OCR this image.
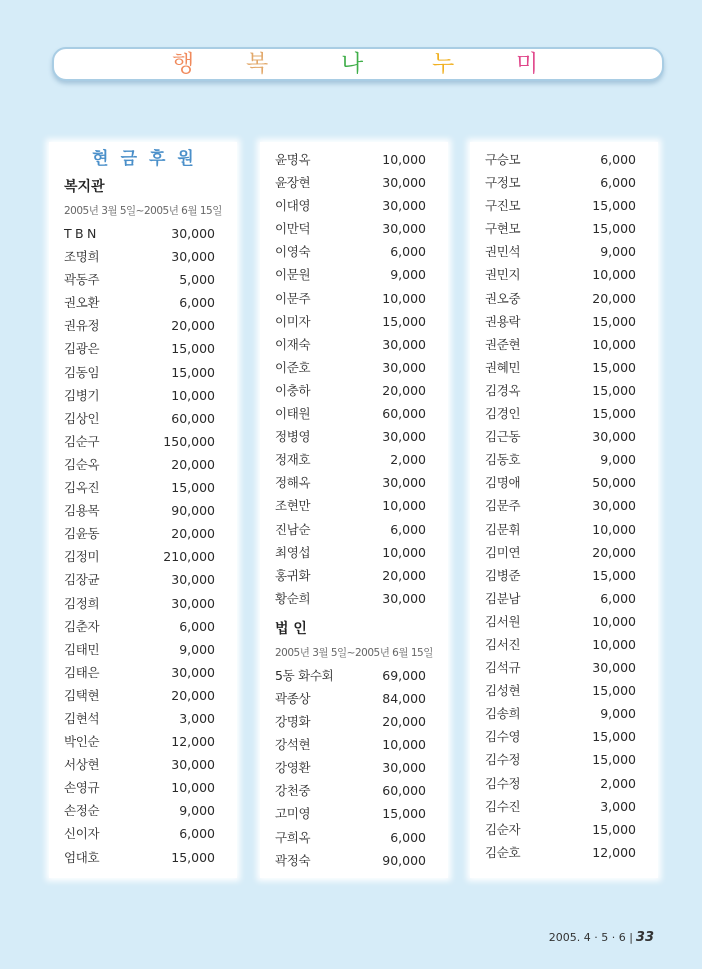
행 복	나	누	미
현금후원
복지관
2005년 3월 5일~2005년 6월 15일
T B N	30,000
조명희	30,000
곽동주	5,000
권오환	6,000
권유정	20,000
김광은	15,000
김동임	15,000
김병기	10,000
김상인	60,000
김순구	150,000
김순옥	20,000
김옥진	15,000
김용목	90,000
김윤동	20,000
김정미	210,000
김장균	30,000
김정희	30,000
김춘자	6,000
김태민	9,000
김태은	30,000
김택현	20,000
김현석	3,000
박인순	12,000
서상현	30,000
손영규	10,000
손정순	9,000
신이자	6,000
엄대호	15,000
윤명옥	10,000
윤장현	30,000
이대영	30,000
이만덕	30,000
이영숙	6,000
이문원	9,000
이문주	10,000
이미자	15,000
이재숙	30,000
이준호	30,000
이충하	20,000
이태원	60,000
정병영	30,000
정재호	2,000
정해옥	30,000
조현만	10,000
진남순	6,000
최영섭	10,000
홍귀화	20,000
황순희	30,000
법 인
2005년 3월 5일~2005년 6월 15일
5동 화수회	69,000
곽종상	84,000
강명화	20,000
강석현	10,000
강영환	30,000
강천중	60,000
고미영	15,000
구희옥	6,000
곽정숙	90,000
구승모	6,000
구정모	6,000
구진모	15,000
구현모	15,000
권민석	9,000
권민지	10,000
권오중	20,000
권용락	15,000
권준현	10,000
권혜민	15,000
김경옥	15,000
김경인	15,000
김근동	30,000
김동호	9,000
김명애	50,000
김문주	30,000
김문휘	10,000
김미연	20,000
김병준	15,000
김분남	6,000
김서원	10,000
김서진	10,000
김석규	30,000
김성현	15,000
김송희	9,000
김수영	15,000
김수정	15,000
김수정	2,000
김수진	3,000
김순자	15,000
김순호	12,000
2005. 4 · 5 · 6 | 33
